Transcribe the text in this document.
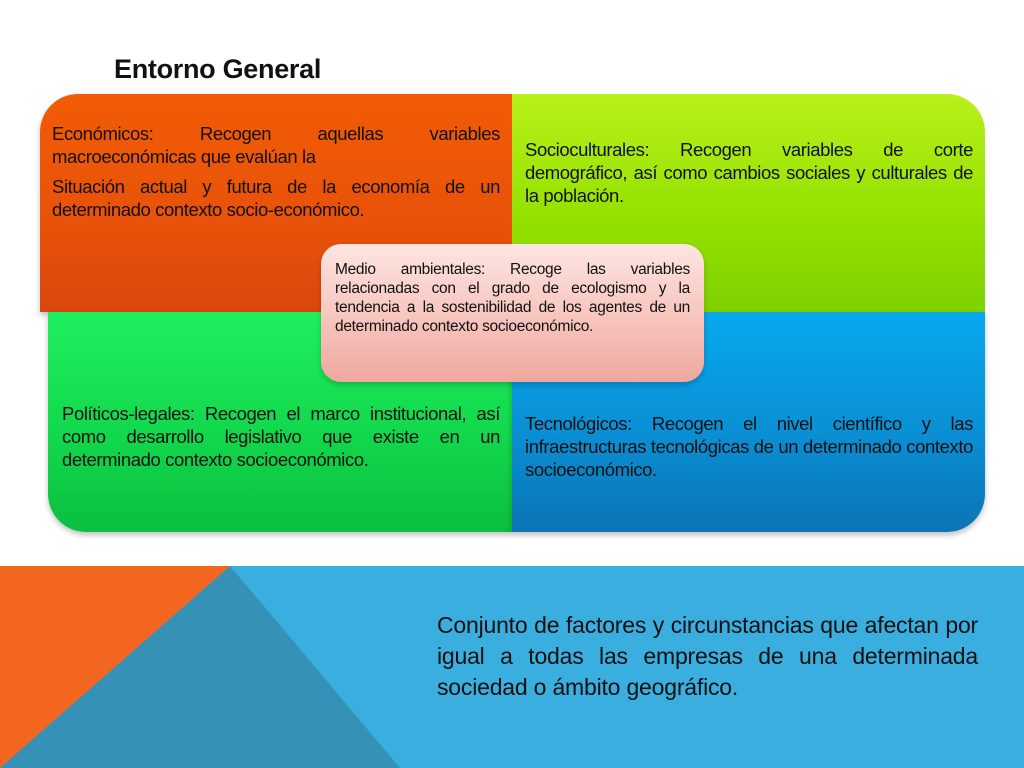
Entorno General

Económicos: Recogen aquellas variables macroeconómicas que evalúan la

Situación actual y futura de la economía de un determinado contexto socio-económico.

Socioculturales: Recogen variables de corte demográfico, así como cambios sociales y culturales de la población.
Políticos-legales: Recogen el marco institucional, así como desarrollo legislativo que existe en un determinado contexto socioeconómico.
Tecnológicos: Recogen el nivel científico y las infraestructuras tecnológicas de un determinado contexto socioeconómico.
Medio ambientales: Recoge las variables relacionadas con el grado de ecologismo y la tendencia a la sostenibilidad de los agentes de un determinado contexto socioeconómico.
Conjunto de factores y circunstancias que afectan por igual a todas las empresas de una determinada sociedad o ámbito geográfico.
